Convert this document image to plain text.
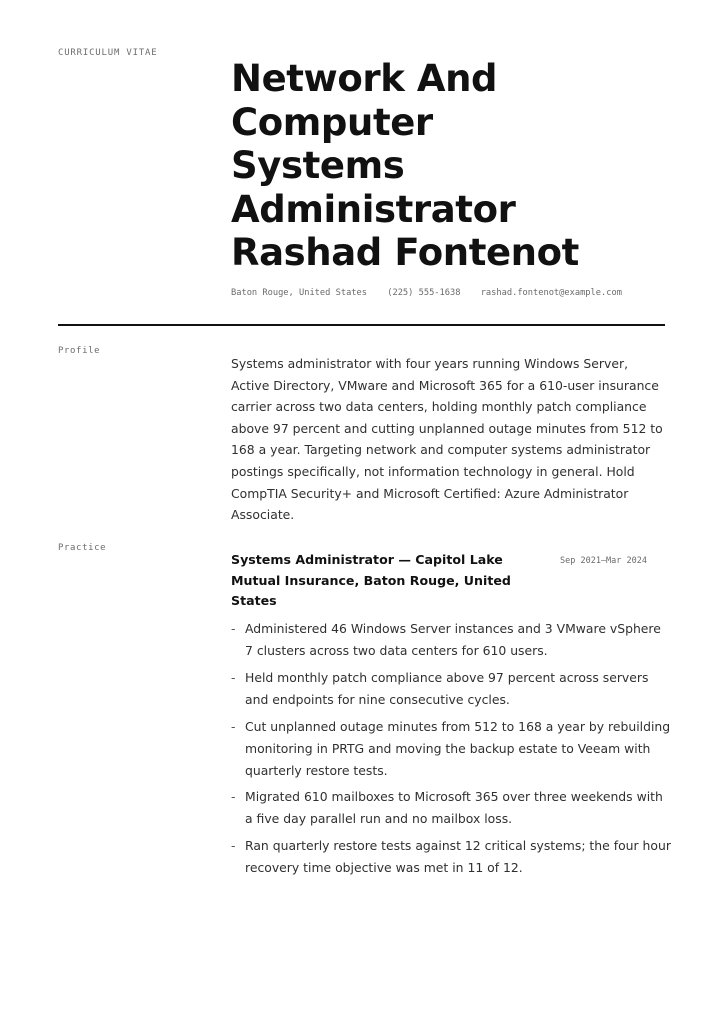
CURRICULUM VITAE
Network And
Computer
Systems
Administrator
Rashad Fontenot
Baton Rouge, United States (225) 555-1638 rashad.fontenot@example.com
Profile

Systems administrator with four years running Windows Server, Active Directory, VMware and Microsoft 365 for a 610-user insurance carrier across two data centers, holding monthly patch compliance above 97 percent and cutting unplanned outage minutes from 512 to 168 a year. Targeting network and computer systems administrator postings specifically, not information technology in general. Hold CompTIA Security+ and Microsoft Certified: Azure Administrator Associate.

Practice
Systems Administrator — Capitol Lake Mutual Insurance, Baton Rouge, United States
Sep 2021–Mar 2024
- Administered 46 Windows Server instances and 3 VMware vSphere 7 clusters across two data centers for 610 users.
- Held monthly patch compliance above 97 percent across servers and endpoints for nine consecutive cycles.
- Cut unplanned outage minutes from 512 to 168 a year by rebuilding monitoring in PRTG and moving the backup estate to Veeam with quarterly restore tests.
- Migrated 610 mailboxes to Microsoft 365 over three weekends with a five day parallel run and no mailbox loss.
- Ran quarterly restore tests against 12 critical systems; the four hour recovery time objective was met in 11 of 12.
